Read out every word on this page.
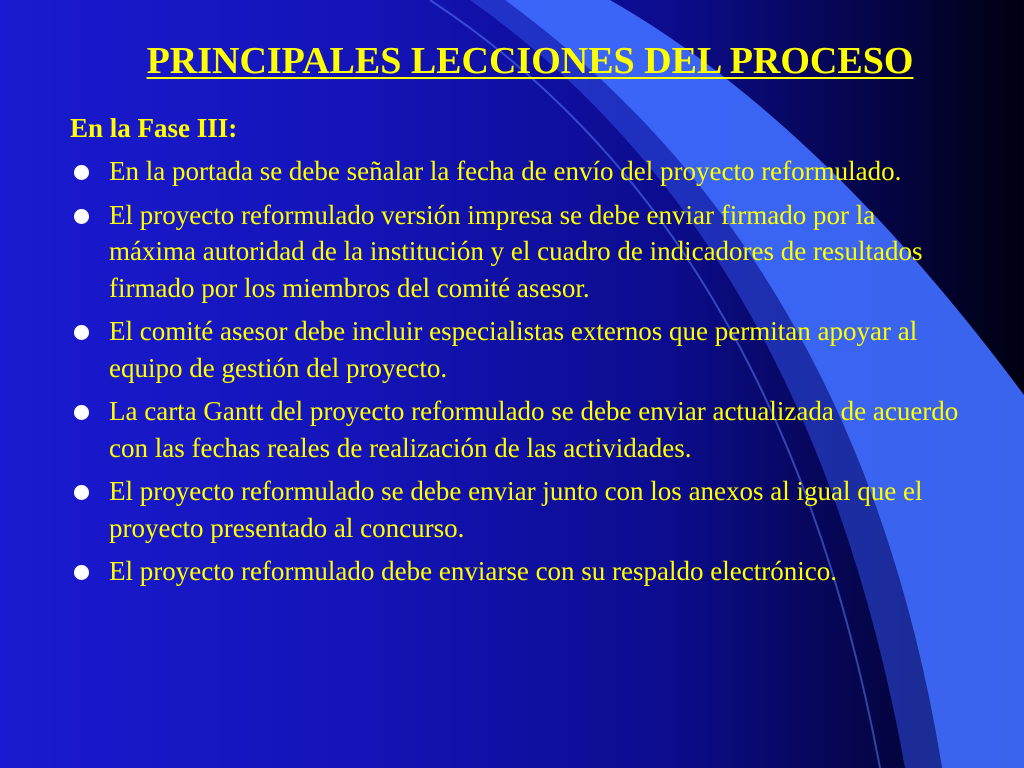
PRINCIPALES LECCIONES DEL PROCESO

En la Fase III:

En la portada se debe señalar la fecha de envío del proyecto reformulado.
El proyecto reformulado versión impresa se debe enviar firmado por la máxima autoridad de la institución y el cuadro de indicadores de resultados firmado por los miembros del comité asesor.
El comité asesor debe incluir especialistas externos que permitan apoyar al equipo de gestión del proyecto.
La carta Gantt del proyecto reformulado se debe enviar actualizada de acuerdo con las fechas reales de realización de las actividades.
El proyecto reformulado se debe enviar junto con los anexos al igual que el proyecto presentado al concurso.
El proyecto reformulado debe enviarse con su respaldo electrónico.
